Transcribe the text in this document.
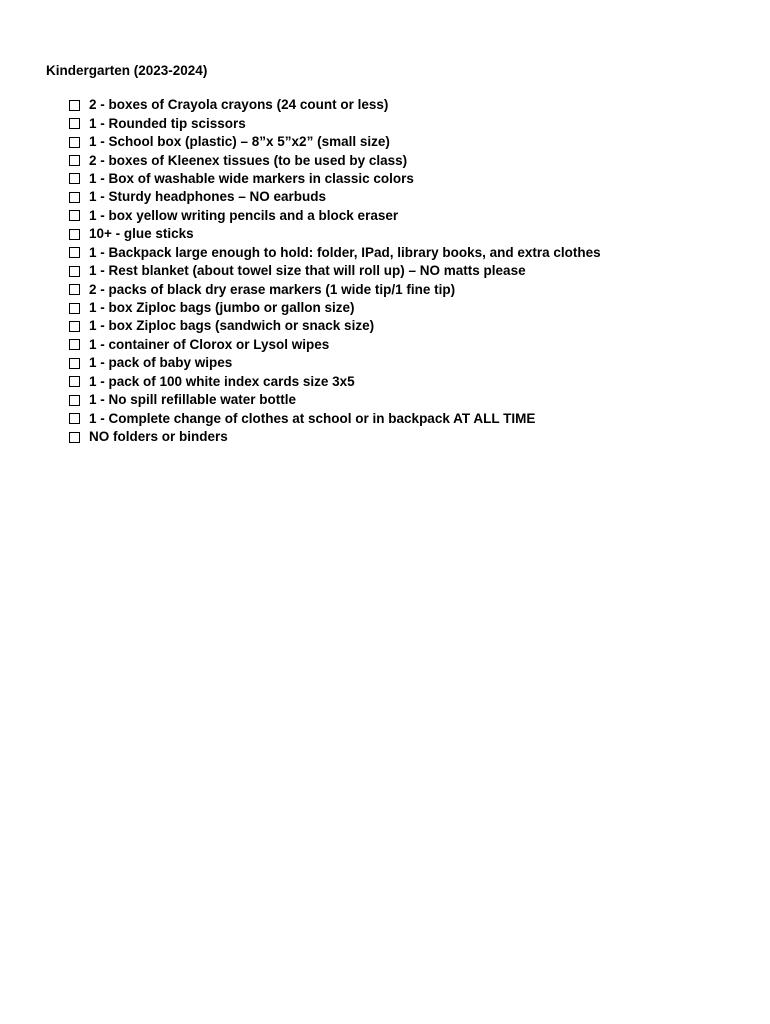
Kindergarten (2023-2024)
2 - boxes of Crayola crayons (24 count or less)
1 - Rounded tip scissors
1 - School box (plastic) – 8”x 5”x2” (small size)
2 - boxes of Kleenex tissues (to be used by class)
1 - Box of washable wide markers in classic colors
1 - Sturdy headphones – NO earbuds
1 - box yellow writing pencils and a block eraser
10+ - glue sticks
1 - Backpack large enough to hold: folder, IPad, library books, and extra clothes
1 - Rest blanket (about towel size that will roll up) – NO matts please
2 - packs of black dry erase markers (1 wide tip/1 fine tip)
1 - box Ziploc bags (jumbo or gallon size)
1 - box Ziploc bags (sandwich or snack size)
1 - container of Clorox or Lysol wipes
1 - pack of baby wipes
1 - pack of 100 white index cards size 3x5
1 - No spill refillable water bottle
1 - Complete change of clothes at school or in backpack AT ALL TIME
NO folders or binders
